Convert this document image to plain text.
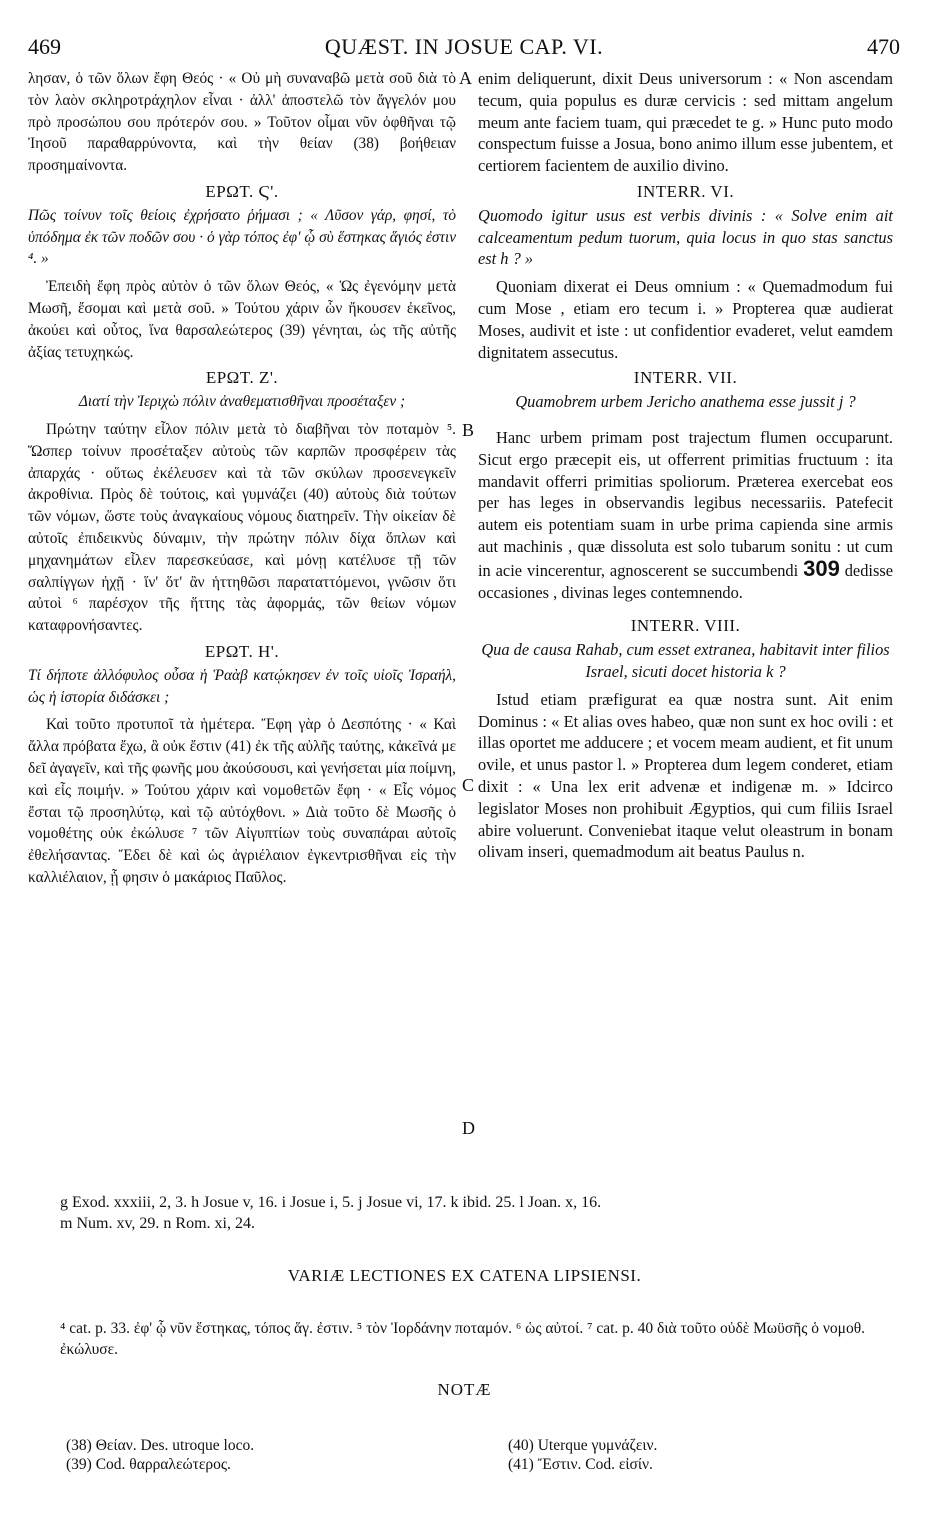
469	QUÆST. IN JOSUE CAP. VI.	470

λησαν, ὁ τῶν ὅλων ἔφη Θεός · « Οὐ μὴ συναναβῶ μετὰ σοῦ διὰ τὸ τὸν λαὸν σκληροτράχηλον εἶναι · ἀλλ' ἀποστελῶ τὸν ἄγγελόν μου πρὸ προσώπου σου πρότερόν σου. » Τοῦτον οἶμαι νῦν ὀφθῆναι τῷ Ἰησοῦ παραθαρρύνοντα, καὶ τὴν θείαν (38) βοήθειαν προσημαίνοντα.

ΕΡΩΤ. Ϛ'.
Πῶς τοίνυν τοῖς θείοις ἐχρήσατο ῥήμασι ; « Λῦσον γάρ, φησί, τὸ ὑπόδημα ἐκ τῶν ποδῶν σου · ὁ γὰρ τόπος ἐφ' ᾧ σὺ ἕστηκας ἅγιός ἐστιν ⁴. »

Ἐπειδὴ ἔφη πρὸς αὐτὸν ὁ τῶν ὅλων Θεός, « Ὡς ἐγενόμην μετὰ Μωσῆ, ἔσομαι καὶ μετὰ σοῦ. » Τούτου χάριν ὧν ἤκουσεν ἐκεῖνος, ἀκούει καὶ οὗτος, ἵνα θαρσαλεώτερος (39) γένηται, ὡς τῆς αὐτῆς ἀξίας τετυχηκώς.

ΕΡΩΤ. Ζ'.
Διατί τὴν Ἰεριχὼ πόλιν ἀναθεματισθῆναι προσέταξεν ;

Πρώτην ταύτην εἷλον πόλιν μετὰ τὸ διαβῆναι τὸν ποταμὸν ⁵. Ὥσπερ τοίνυν προσέταξεν αὐτοὺς τῶν καρπῶν προσφέρειν τὰς ἀπαρχάς · οὕτως ἐκέλευσεν καὶ τὰ τῶν σκύλων προσενεγκεῖν ἀκροθίνια. Πρὸς δὲ τούτοις, καὶ γυμνάζει (40) αὐτοὺς διὰ τούτων τῶν νόμων, ὥστε τοὺς ἀναγκαίους νόμους διατηρεῖν. Τὴν οἰκείαν δὲ αὐτοῖς ἐπιδεικνὺς δύναμιν, τὴν πρώτην πόλιν δίχα ὅπλων καὶ μηχανημάτων εἷλεν παρεσκεύασε, καὶ μόνῃ κατέλυσε τῇ τῶν σαλπίγγων ἠχῇ · ἵν' ὅτ' ἂν ἡττηθῶσι παραταττόμενοι, γνῶσιν ὅτι αὐτοὶ ⁶ παρέσχον τῆς ἥττης τὰς ἀφορμάς, τῶν θείων νόμων καταφρονήσαντες.

ΕΡΩΤ. Η'.
Τί δήποτε ἀλλόφυλος οὖσα ἡ Ῥαὰβ κατῴκησεν ἐν τοῖς υἱοῖς Ἰσραήλ, ὡς ἡ ἱστορία διδάσκει ;

Καὶ τοῦτο προτυποῖ τὰ ἡμέτερα. Ἔφη γὰρ ὁ Δεσπότης · « Καὶ ἄλλα πρόβατα ἔχω, ἃ οὐκ ἔστιν (41) ἐκ τῆς αὐλῆς ταύτης, κἀκεῖνά με δεῖ ἀγαγεῖν, καὶ τῆς φωνῆς μου ἀκούσουσι, καὶ γενήσεται μία ποίμνη, καὶ εἷς ποιμήν. » Τούτου χάριν καὶ νομοθετῶν ἔφη · « Εἷς νόμος ἔσται τῷ προσηλύτῳ, καὶ τῷ αὐτόχθονι. » Διὰ τοῦτο δὲ Μωσῆς ὁ νομοθέτης οὐκ ἐκώλυσε ⁷ τῶν Αἰγυπτίων τοὺς συναπάραι αὐτοῖς ἐθελήσαντας. Ἔδει δὲ καὶ ὡς ἀγριέλαιον ἐγκεντρισθῆναι εἰς τὴν καλλιέλαιον, ᾗ φησιν ὁ μακάριος Παῦλος.

A
B
C
D

enim deliquerunt, dixit Deus universorum : « Non ascendam tecum, quia populus es duræ cervicis : sed mittam angelum meum ante faciem tuam, qui præcedet te g. » Hunc puto modo conspectum fuisse a Josua, bono animo illum esse jubentem, et certiorem facientem de auxilio divino.

INTERR. VI.
Quomodo igitur usus est verbis divinis : « Solve enim ait calceamentum pedum tuorum, quia locus in quo stas sanctus est h ? »

Quoniam dixerat ei Deus omnium : « Quemadmodum fui cum Mose , etiam ero tecum i. » Propterea quæ audierat Moses, audivit et iste : ut confidentior evaderet, velut eamdem dignitatem assecutus.

INTERR. VII.
Quamobrem urbem Jericho anathema esse jussit j ?

Hanc urbem primam post trajectum flumen occuparunt. Sicut ergo præcepit eis, ut offerrent primitias fructuum : ita mandavit offerri primitias spoliorum. Præterea exercebat eos per has leges in observandis legibus necessariis. Patefecit autem eis potentiam suam in urbe prima capienda sine armis aut machinis , quæ dissoluta est solo tubarum sonitu : ut cum in acie vincerentur, agnoscerent se succumbendi 309 dedisse occasiones , divinas leges contemnendo.

INTERR. VIII.
Qua de causa Rahab, cum esset extranea, habitavit inter filios Israel, sicuti docet historia k ?

Istud etiam præfigurat ea quæ nostra sunt. Ait enim Dominus : « Et alias oves habeo, quæ non sunt ex hoc ovili : et illas oportet me adducere ; et vocem meam audient, et fit unum ovile, et unus pastor l. » Propterea dum legem conderet, etiam dixit : « Una lex erit advenæ et indigenæ m. » Idcirco legislator Moses non prohibuit Ægyptios, qui cum filiis Israel abire voluerunt. Conveniebat itaque velut oleastrum in bonam olivam inseri, quemadmodum ait beatus Paulus n.

g Exod. xxxiii, 2, 3. h Josue v, 16. i Josue i, 5. j Josue vi, 17. k ibid. 25. l Joan. x, 16.
m Num. xv, 29. n Rom. xi, 24.
VARIÆ LECTIONES EX CATENA LIPSIENSI.
⁴ cat. p. 33. ἐφ' ᾧ νῦν ἕστηκας, τόπος ἅγ. ἐστιν. ⁵ τὸν Ἰορδάνην ποταμόν. ⁶ ὡς αὐτοί. ⁷ cat. p. 40 διὰ τοῦτο οὐδὲ Μωϋσῆς ὁ νομοθ. ἐκώλυσε.
NOTÆ
(38) Θείαν. Des. utroque loco.
(39) Cod. θαρραλεώτερος.
(40) Uterque γυμνάζειν.
(41) Ἔστιν. Cod. εἰσίν.
